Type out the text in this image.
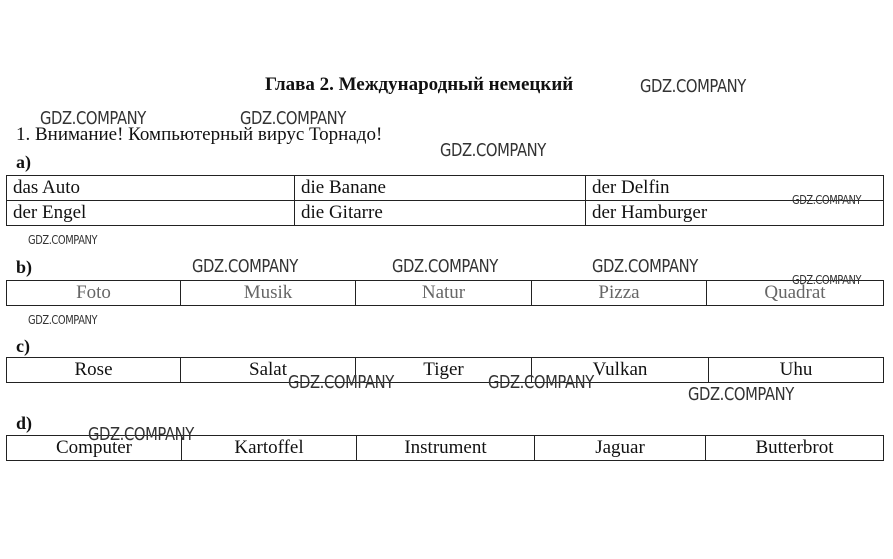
Глава 2. Международный немецкий
1. Внимание! Компьютерный вирус Торнадо!
a)
das Auto	die Banane	der Delfin
der Engel	die Gitarre	der Hamburger
b)
Foto	Musik	Natur	Pizza	Quadrat
c)
Rose	Salat	Tiger	Vulkan	Uhu
d)
Computer	Kartoffel	Instrument	Jaguar	Butterbrot
GDZ.COMPANY
GDZ.COMPANY	GDZ.COMPANY
GDZ.COMPANY
GDZ.COMPANY
GDZ.COMPANY
GDZ.COMPANY	GDZ.COMPANY	GDZ.COMPANY
GDZ.COMPANY
GDZ.COMPANY
GDZ.COMPANY	GDZ.COMPANY
GDZ.COMPANY
GDZ.COMPANY
